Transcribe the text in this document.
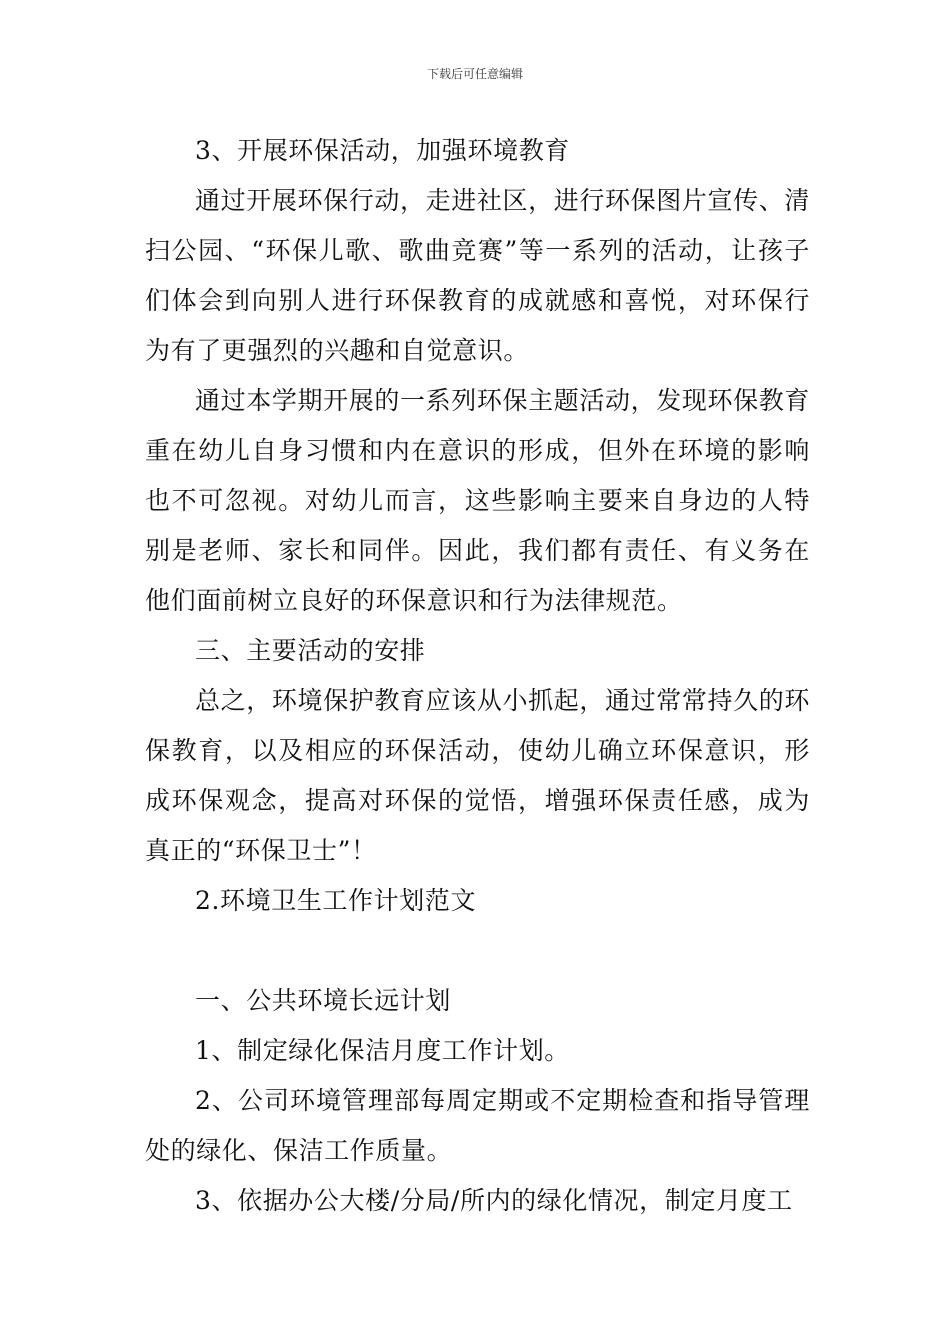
下载后可任意编辑

3、开展环保活动，加强环境教育

通过开展环保行动，走进社区，进行环保图片宣传、清扫公园、“环保儿歌、歌曲竞赛”等一系列的活动，让孩子们体会到向别人进行环保教育的成就感和喜悦，对环保行为有了更强烈的兴趣和自觉意识。

通过本学期开展的一系列环保主题活动，发现环保教育重在幼儿自身习惯和内在意识的形成，但外在环境的影响也不可忽视。对幼儿而言，这些影响主要来自身边的人特别是老师、家长和同伴。因此，我们都有责任、有义务在他们面前树立良好的环保意识和行为法律规范。

三、主要活动的安排

总之，环境保护教育应该从小抓起，通过常常持久的环保教育，以及相应的环保活动，使幼儿确立环保意识，形成环保观念，提高对环保的觉悟，增强环保责任感，成为真正的“环保卫士”！

2.环境卫生工作计划范文

一、公共环境长远计划

1、制定绿化保洁月度工作计划。

2、公司环境管理部每周定期或不定期检查和指导管理处的绿化、保洁工作质量。

3、依据办公大楼/分局/所内的绿化情况，制定月度工
